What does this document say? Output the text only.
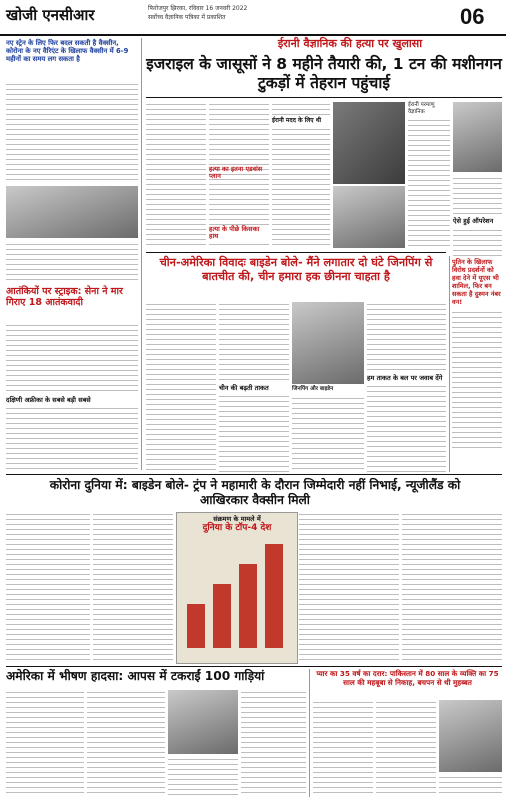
खोजी एनसीआर	फिरोजपुर झिरका, रविवार 16 जनवरी 2022
सर्वोच्च वैज्ञानिक पत्रिका में प्रकाशित	06
नए स्ट्रेन के लिए फिर बदल सकती है वैक्सीन, कोरोना के नए वैरिएंट के खिलाफ वैक्सीन में 6-9 महीनों का समय लग सकता है
आतंकियों पर स्ट्राइक: सेना ने मार गिराए 18 आतंकवादी
दक्षिणी अफ्रीका के सबसे बड़ी सबसे
ईरानी वैज्ञानिक की हत्या पर खुलासा
इजराइल के जासूसों ने 8 महीने तैयारी की, 1 टन की मशीनगन टुकड़ों में तेहरान पहुंचाई
हत्या का इतना एडवांस प्लान
हत्या के पीछे किसका हाथ
ईरानी मदद के लिए थी
ईरानी परमाणु वैज्ञानिक
ऐसे हुई ऑपरेशन
चीन-अमेरिका विवादः बाइडेन बोले- मैंने लगातार दो घंटे जिनपिंग से बातचीत की, चीन हमारा हक छीनना चाहता है
चीन की बढ़ती ताकत	जिनपिंग और बाइडेन
हम ताकत के बल पर जवाब देंगे
पुतिन के खिलाफ विरोध प्रदर्शनों को हवा देने में यूएस भी शामिल, फिर बन सकता है दुश्मन नंबर वन!
कोरोना दुनिया में: बाइडेन बोले- ट्रंप ने महामारी के दौरान जिम्मेदारी नहीं निभाई, न्यूजीलैंड को आखिरकार वैक्सीन मिली
संक्रमण के मामले में
दुनिया के टॉप-4 देश
अमेरिका में भीषण हादसा: आपस में टकराईं 100 गाड़ियां	प्यार का 35 वर्ष का दरार: पाकिस्तान में 80 साल के व्यक्ति का 75 साल की महबूबा से निकाह, बचपन से थी मुहब्बत
